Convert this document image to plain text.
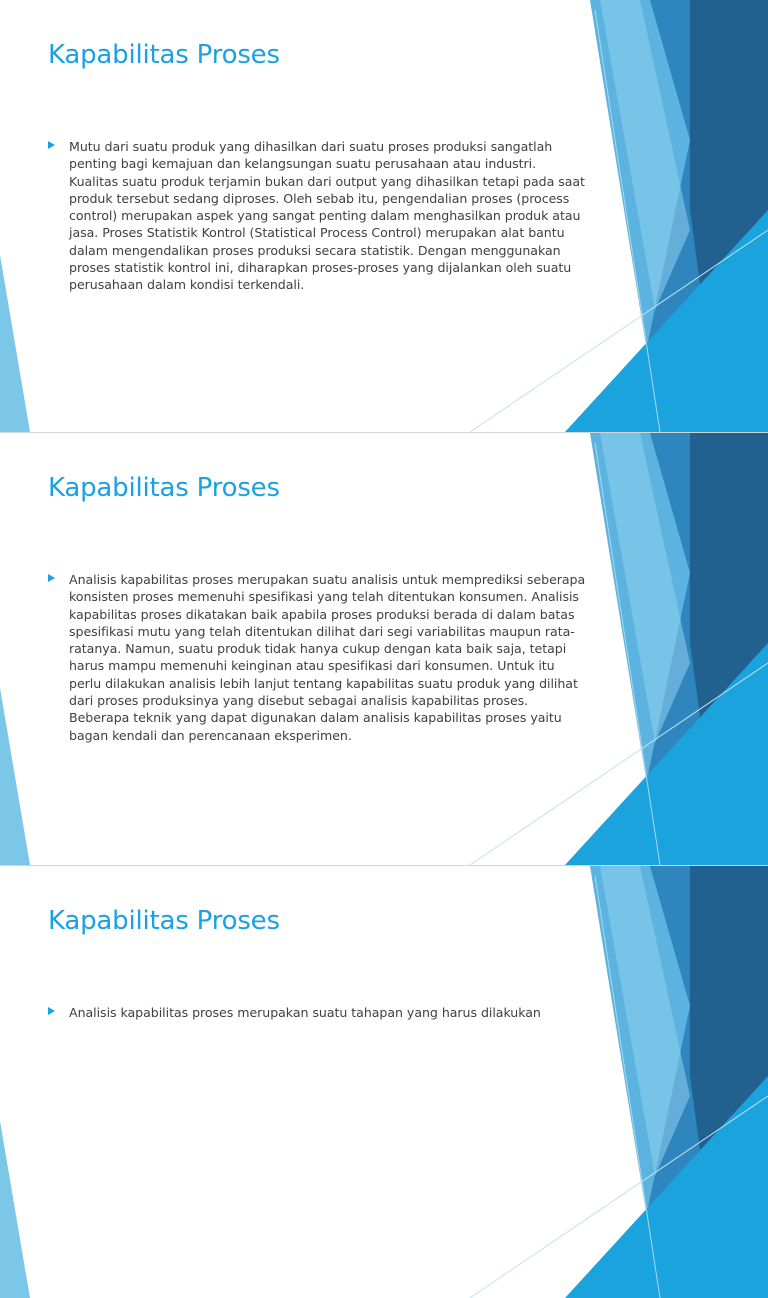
Kapabilitas Proses

Mutu dari suatu produk yang dihasilkan dari suatu proses produksi sangatlah penting bagi kemajuan dan kelangsungan suatu perusahaan atau industri. Kualitas suatu produk terjamin bukan dari output yang dihasilkan tetapi pada saat produk tersebut sedang diproses. Oleh sebab itu, pengendalian proses (process control) merupakan aspek yang sangat penting dalam menghasilkan produk atau jasa. Proses Statistik Kontrol (Statistical Process Control) merupakan alat bantu dalam mengendalikan proses produksi secara statistik. Dengan menggunakan proses statistik kontrol ini, diharapkan proses-proses yang dijalankan oleh suatu perusahaan dalam kondisi terkendali.

Kapabilitas Proses

Analisis kapabilitas proses merupakan suatu analisis untuk memprediksi seberapa konsisten proses memenuhi spesifikasi yang telah ditentukan konsumen. Analisis kapabilitas proses dikatakan baik apabila proses produksi berada di dalam batas spesifikasi mutu yang telah ditentukan dilihat dari segi variabilitas maupun rata-ratanya. Namun, suatu produk tidak hanya cukup dengan kata baik saja, tetapi harus mampu memenuhi keinginan atau spesifikasi dari konsumen. Untuk itu perlu dilakukan analisis lebih lanjut tentang kapabilitas suatu produk yang dilihat dari proses produksinya yang disebut sebagai analisis kapabilitas proses. Beberapa teknik yang dapat digunakan dalam analisis kapabilitas proses yaitu bagan kendali dan perencanaan eksperimen.

Kapabilitas Proses

Analisis kapabilitas proses merupakan suatu tahapan yang harus dilakukan
